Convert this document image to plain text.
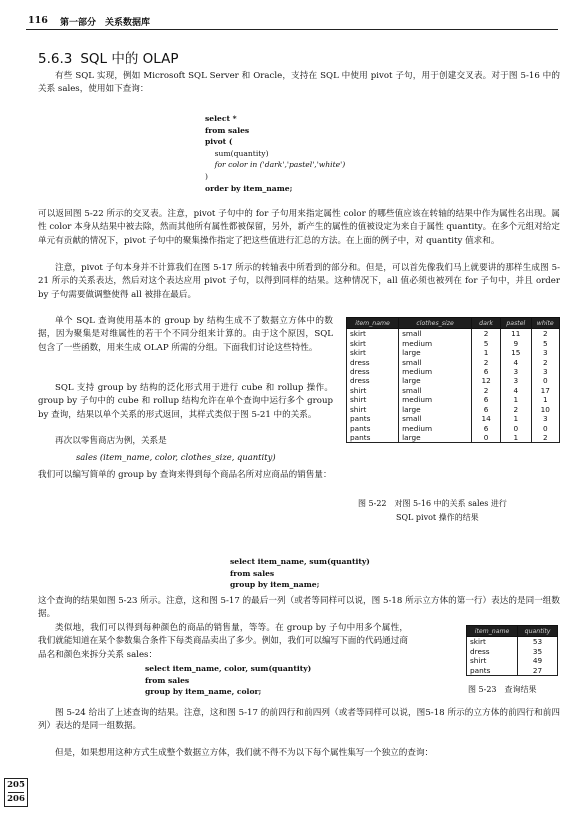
116 第一部分　关系数据库
5.6.3 SQL 中的 OLAP

有些 SQL 实现，例如 Microsoft SQL Server 和 Oracle，支持在 SQL 中使用 pivot 子句，用于创建交叉表。对于图 5-16 中的关系 sales，使用如下查询：

select *
from sales
pivot (
sum(quantity)
for color in ('dark','pastel','white')
)
order by item_name;

可以返回图 5-22 所示的交叉表。注意，pivot 子句中的 for 子句用来指定属性 color 的哪些值应该在转轴的结果中作为属性名出现。属性 color 本身从结果中被去除，然而其他所有属性都被保留，另外，新产生的属性的值被设定为来自于属性 quantity。在多个元组对给定单元有贡献的情况下，pivot 子句中的聚集操作指定了把这些值进行汇总的方法。在上面的例子中，对 quantity 值求和。

注意，pivot 子句本身并不计算我们在图 5-17 所示的转轴表中所看到的部分和。但是，可以首先像我们马上就要讲的那样生成图 5-21 所示的关系表达，然后对这个表达应用 pivot 子句，以得到同样的结果。这种情况下，all 值必须也被列在 for 子句中，并且 order by 子句需要做调整使得 all 被排在最后。

单个 SQL 查询使用基本的 group by 结构生成不了数据立方体中的数据，因为聚集是对维属性的若干个不同分组来计算的。由于这个原因，SQL 包含了一些函数，用来生成 OLAP 所需的分组。下面我们讨论这些特性。

SQL 支持 group by 结构的泛化形式用于进行 cube 和 rollup 操作。group by 子句中的 cube 和 rollup 结构允许在单个查询中运行多个 group by 查询，结果以单个关系的形式返回，其样式类似于图 5-21 中的关系。

再次以零售商店为例，关系是

sales (item_name, color, clothes_size, quantity)

我们可以编写简单的 group by 查询来得到每个商品名所对应商品的销售量：

item_name	clothes_size	dark	pastel	white
skirt	small	2	11	2
skirt	medium	5	9	5
skirt	large	1	15	3
dress	small	2	4	2
dress	medium	6	3	3
dress	large	12	3	0
shirt	small	2	4	17
shirt	medium	6	1	1
shirt	large	6	2	10
pants	small	14	1	3
pants	medium	6	0	0
pants	large	0	1	2
图 5-22　对图 5-16 中的关系 sales 进行
SQL pivot 操作的结果
select item_name, sum(quantity)
from sales
group by item_name;

这个查询的结果如图 5-23 所示。注意，这和图 5-17 的最后一列（或者等同样可以说，图 5-18 所示立方体的第一行）表达的是同一组数据。

类似地，我们可以得到每种颜色的商品的销售量，等等。在 group by 子句中用多个属性，我们就能知道在某个参数集合条件下每类商品卖出了多少。例如，我们可以编写下面的代码通过商品名和颜色来拆分关系 sales：

select item_name, color, sum(quantity)
from sales
group by item_name, color;
item_name	quantity
skirt	53
dress	35
shirt	49
pants	27
图 5-23　查询结果

图 5-24 给出了上述查询的结果。注意，这和图 5-17 的前四行和前四列（或者等同样可以说，图5-18 所示的立方体的前四行和前四列）表达的是同一组数据。

但是，如果想用这种方式生成整个数据立方体，我们就不得不为以下每个属性集写一个独立的查询：

205
206
